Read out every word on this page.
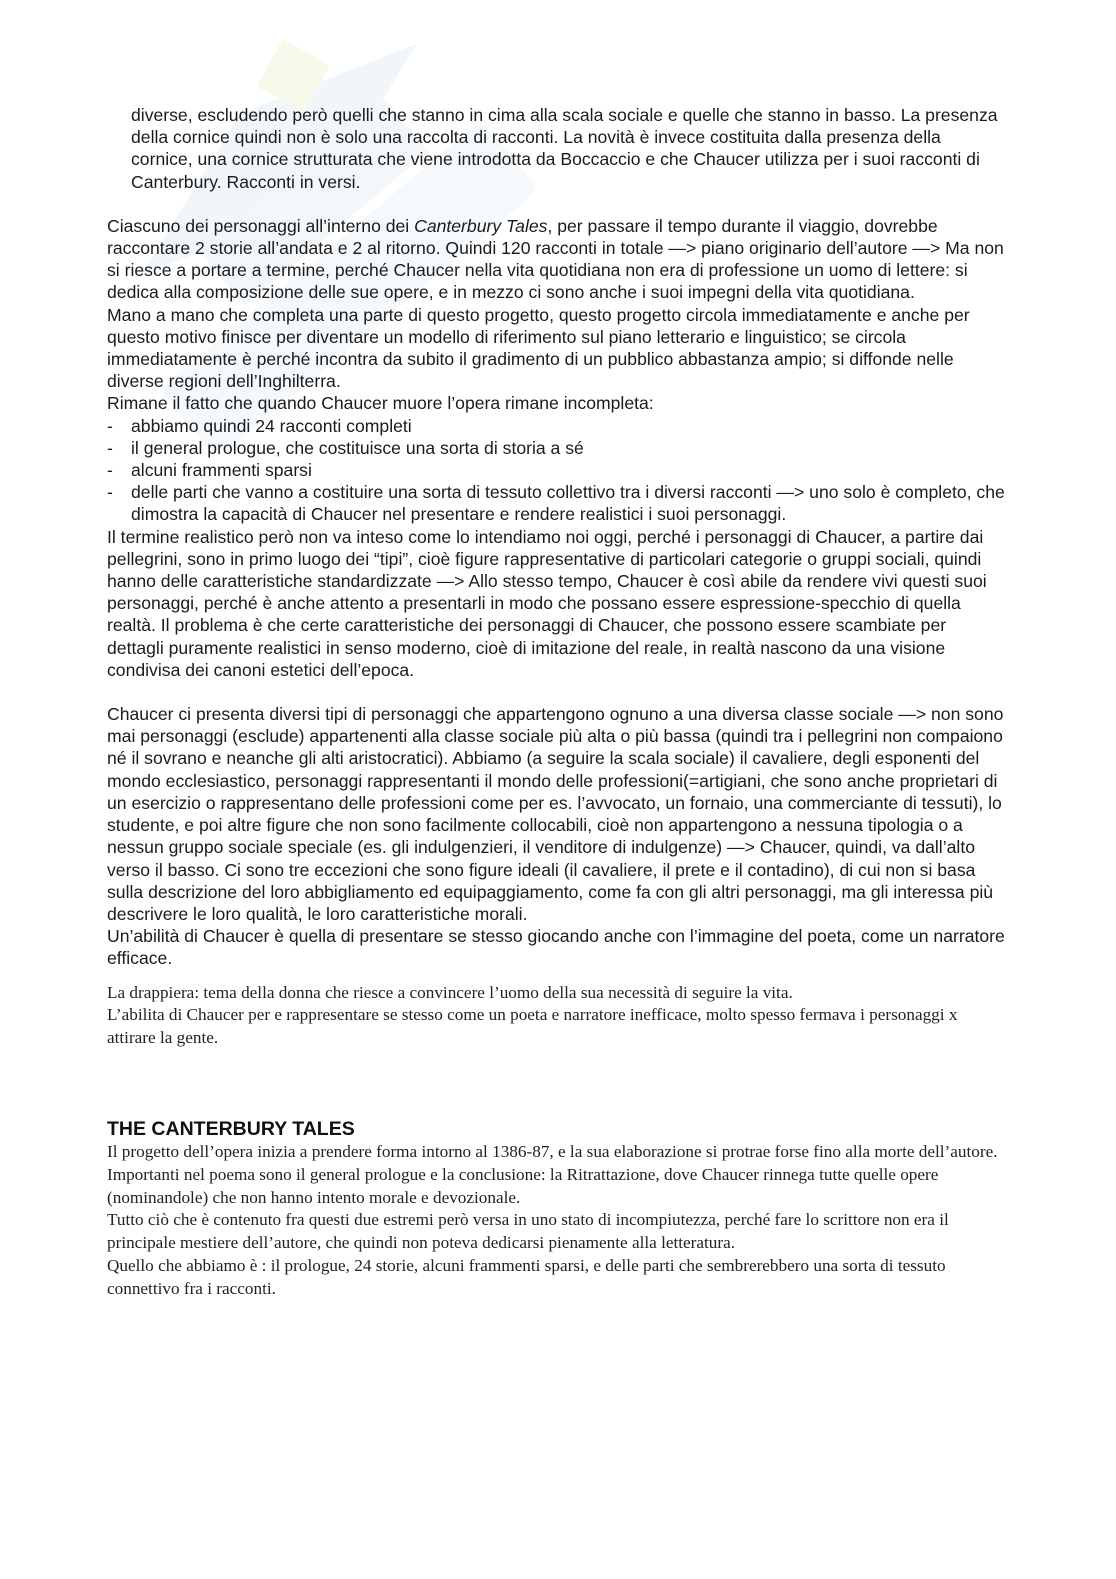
diverse, escludendo però quelli che stanno in cima alla scala sociale e quelle che stanno in basso. La presenza della cornice quindi non è solo una raccolta di racconti. La novità è invece costituita dalla presenza della cornice, una cornice strutturata che viene introdotta da Boccaccio e che Chaucer utilizza per i suoi racconti di Canterbury. Racconti in versi.

Ciascuno dei personaggi all’interno dei Canterbury Tales, per passare il tempo durante il viaggio, dovrebbe raccontare 2 storie all’andata e 2 al ritorno. Quindi 120 racconti in totale —> piano originario dell’autore —> Ma non si riesce a portare a termine, perché Chaucer nella vita quotidiana non era di professione un uomo di lettere: si dedica alla composizione delle sue opere, e in mezzo ci sono anche i suoi impegni della vita quotidiana.

Mano a mano che completa una parte di questo progetto, questo progetto circola immediatamente e anche per questo motivo finisce per diventare un modello di riferimento sul piano letterario e linguistico; se circola immediatamente è perché incontra da subito il gradimento di un pubblico abbastanza ampio; si diffonde nelle diverse regioni dell’Inghilterra.

Rimane il fatto che quando Chaucer muore l’opera rimane incompleta:

- abbiamo quindi 24 racconti completi
- il general prologue, che costituisce una sorta di storia a sé
- alcuni frammenti sparsi
- delle parti che vanno a costituire una sorta di tessuto collettivo tra i diversi racconti —> uno solo è completo, che dimostra la capacità di Chaucer nel presentare e rendere realistici i suoi personaggi.

Il termine realistico però non va inteso come lo intendiamo noi oggi, perché i personaggi di Chaucer, a partire dai pellegrini, sono in primo luogo dei “tipi”, cioè figure rappresentative di particolari categorie o gruppi sociali, quindi hanno delle caratteristiche standardizzate —> Allo stesso tempo, Chaucer è così abile da rendere vivi questi suoi personaggi, perché è anche attento a presentarli in modo che possano essere espressione-specchio di quella realtà. Il problema è che certe caratteristiche dei personaggi di Chaucer, che possono essere scambiate per dettagli puramente realistici in senso moderno, cioè di imitazione del reale, in realtà nascono da una visione condivisa dei canoni estetici dell’epoca.

Chaucer ci presenta diversi tipi di personaggi che appartengono ognuno a una diversa classe sociale —> non sono mai personaggi (esclude) appartenenti alla classe sociale più alta o più bassa (quindi tra i pellegrini non compaiono né il sovrano e neanche gli alti aristocratici). Abbiamo (a seguire la scala sociale) il cavaliere, degli esponenti del mondo ecclesiastico, personaggi rappresentanti il mondo delle professioni(=artigiani, che sono anche proprietari di un esercizio o rappresentano delle professioni come per es. l’avvocato, un fornaio, una commerciante di tessuti), lo studente, e poi altre figure che non sono facilmente collocabili, cioè non appartengono a nessuna tipologia o a nessun gruppo sociale speciale (es. gli indulgenzieri, il venditore di indulgenze) —> Chaucer, quindi, va dall’alto verso il basso. Ci sono tre eccezioni che sono figure ideali (il cavaliere, il prete e il contadino), di cui non si basa sulla descrizione del loro abbigliamento ed equipaggiamento, come fa con gli altri personaggi, ma gli interessa più descrivere le loro qualità, le loro caratteristiche morali.

Un’abilità di Chaucer è quella di presentare se stesso giocando anche con l’immagine del poeta, come un narratore efficace.

La drappiera: tema della donna che riesce a convincere l’uomo della sua necessità di seguire la vita.

L’abilita di Chaucer per e rappresentare se stesso come un poeta e narratore inefficace, molto spesso fermava i personaggi x attirare la gente.

THE CANTERBURY TALES

Il progetto dell’opera inizia a prendere forma intorno al 1386-87, e la sua elaborazione si protrae forse fino alla morte dell’autore.

Importanti nel poema sono il general prologue e la conclusione: la Ritrattazione, dove Chaucer rinnega tutte quelle opere (nominandole) che non hanno intento morale e devozionale.

Tutto ciò che è contenuto fra questi due estremi però versa in uno stato di incompiutezza, perché fare lo scrittore non era il principale mestiere dell’autore, che quindi non poteva dedicarsi pienamente alla letteratura.

Quello che abbiamo è : il prologue, 24 storie, alcuni frammenti sparsi, e delle parti che sembrerebbero una sorta di tessuto connettivo fra i racconti.
